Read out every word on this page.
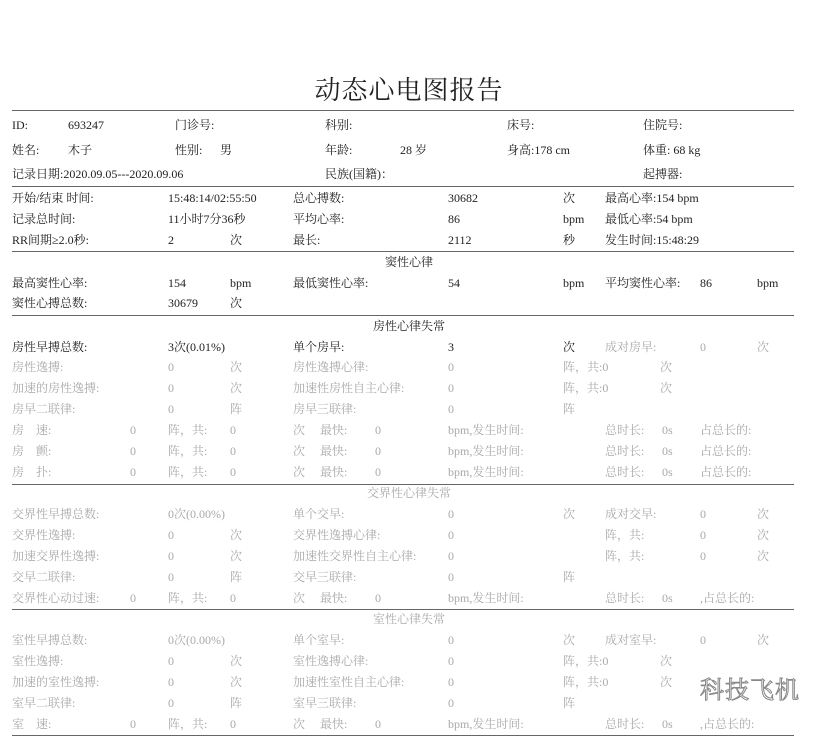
动态心电图报告
科技飞机
ID:	693247	门诊号:	科别:	床号:	住院号:
姓名: 木子	性别: 男	年龄:	28 岁	身高:178 cm	体重: 68 kg
记录日期:2020.09.05---2020.09.06	民族(国籍)：	起搏器:
开始/结束 时间:	15:48:14/02:55:50	总心搏数:	30682	次 最高心率:154 bpm
记录总时间:	11小时7分36秒	平均心率:	86	bpm 最低心率:54 bpm
RR间期≥2.0秒:	2	次	最长:	2112	秒 发生时间:15:48:29
窦性心律
最高窦性心率:	154	bpm	最低窦性心率:	54	bpm 平均窦性心率: 86	bpm
窦性心搏总数:	30679	次
房性心律失常
房性早搏总数:	3次(0.01%)	单个房早:	3	次 成对房早:	0	次
房性逸搏:	0	次	房性逸搏心律:	0	阵，共:0	次
加速的房性逸搏:	0	次	加速性房性自主心律:	0	阵，共:0	次
房早二联律:	0	阵	房早三联律:	0	阵
房　速:	0	阵，共: 0	次 最快: 0	bpm,发生时间:	总时长: 0s 占总长的:
房　颤:	0	阵，共: 0	次 最快: 0	bpm,发生时间:	总时长: 0s 占总长的:
房　扑:	0	阵，共: 0	次 最快: 0	bpm,发生时间:	总时长: 0s 占总长的:
交界性心律失常
交界性早搏总数:	0次(0.00%)	单个交早:	0	次 成对交早:	0	次
交界性逸搏:	0	次	交界性逸搏心律:	0	阵，共:	0	次
加速交界性逸搏:	0	次	加速性交界性自主心律:	0	阵，共:	0	次
交早二联律:	0	阵	交早三联律:	0	阵
交界性心动过速:	0	阵，共: 0	次 最快: 0	bpm,发生时间:	总时长: 0s ,占总长的:
室性心律失常
室性早搏总数:	0次(0.00%)	单个室早:	0	次 成对室早:	0	次
室性逸搏:	0	次	室性逸搏心律:	0	阵，共:0	次
加速的室性逸搏:	0	次	加速性室性自主心律:	0	阵，共:0	次
室早二联律:	0	阵	室早三联律:	0	阵
室　速:	0	阵，共: 0	次 最快: 0	bpm,发生时间:	总时长: 0s ,占总长的:
